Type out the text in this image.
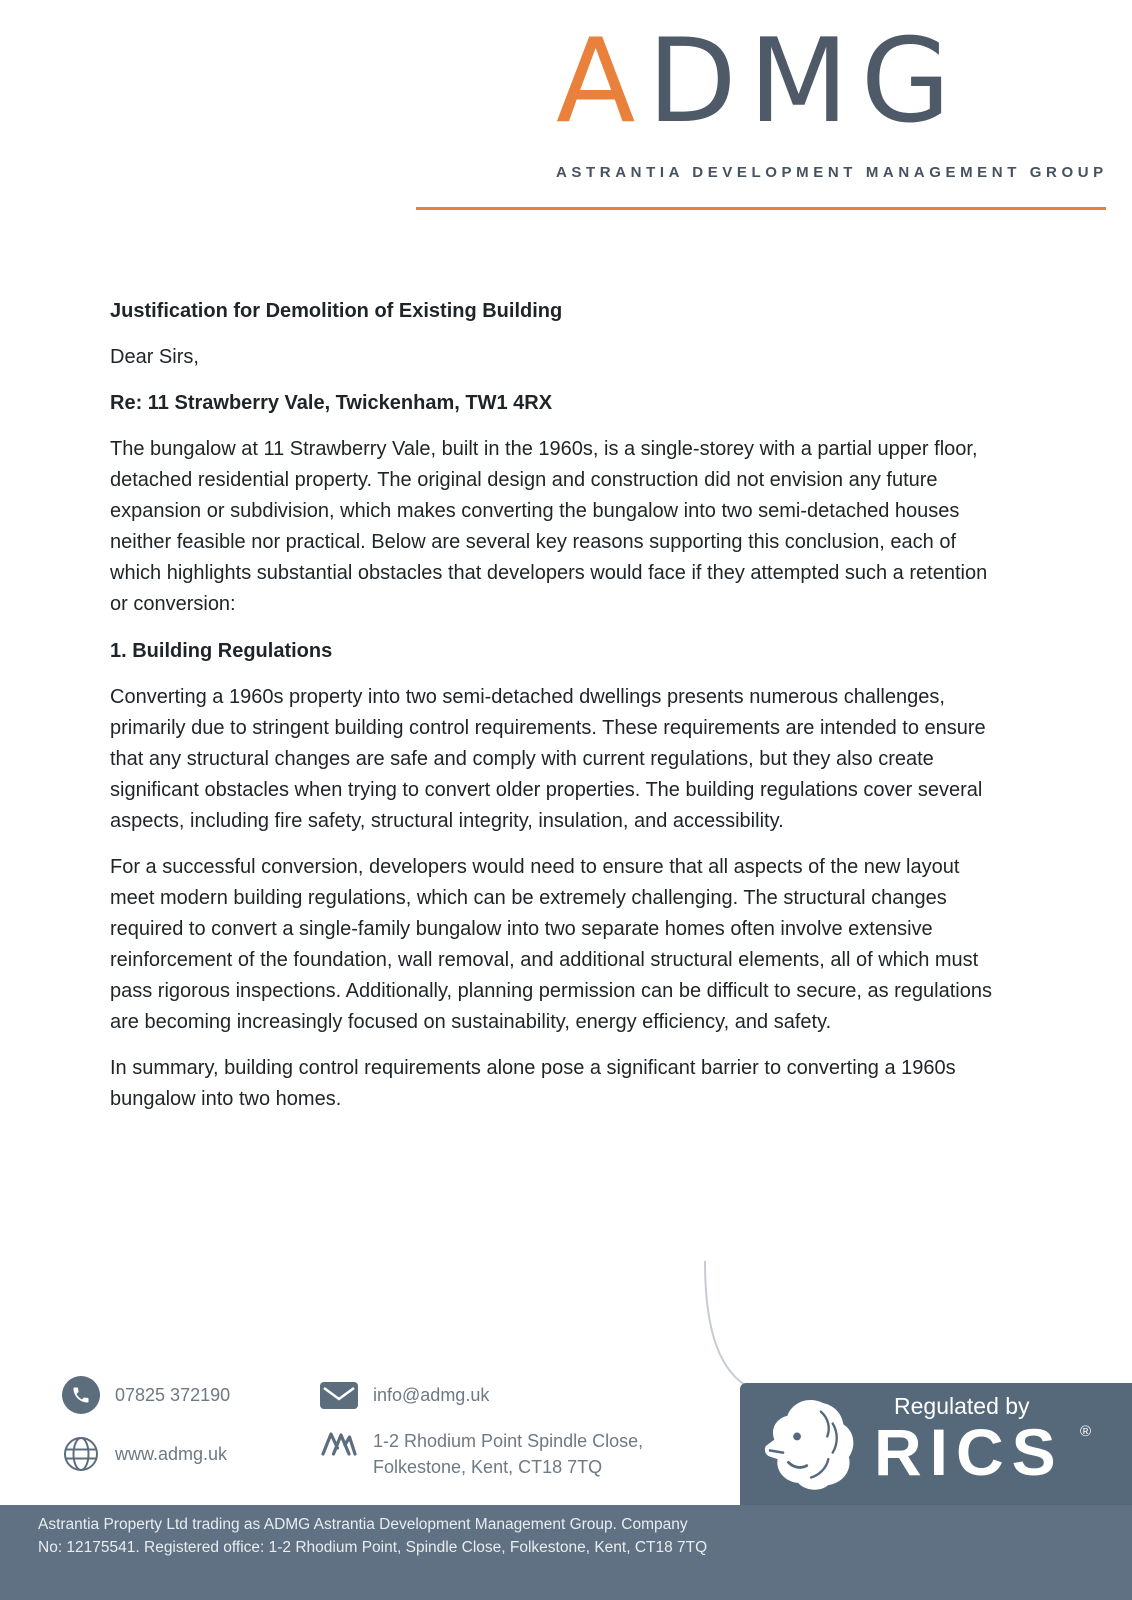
ADMG
ASTRANTIA DEVELOPMENT MANAGEMENT GROUP
Justification for Demolition of Existing Building

Dear Sirs,

Re: 11 Strawberry Vale, Twickenham, TW1 4RX

The bungalow at 11 Strawberry Vale, built in the 1960s, is a single-storey with a partial upper floor, detached residential property. The original design and construction did not envision any future expansion or subdivision, which makes converting the bungalow into two semi-detached houses neither feasible nor practical. Below are several key reasons supporting this conclusion, each of which highlights substantial obstacles that developers would face if they attempted such a retention or conversion:

1. Building Regulations

Converting a 1960s property into two semi-detached dwellings presents numerous challenges, primarily due to stringent building control requirements. These requirements are intended to ensure that any structural changes are safe and comply with current regulations, but they also create significant obstacles when trying to convert older properties. The building regulations cover several aspects, including fire safety, structural integrity, insulation, and accessibility.

For a successful conversion, developers would need to ensure that all aspects of the new layout meet modern building regulations, which can be extremely challenging. The structural changes required to convert a single-family bungalow into two separate homes often involve extensive reinforcement of the foundation, wall removal, and additional structural elements, all of which must pass rigorous inspections. Additionally, planning permission can be difficult to secure, as regulations are becoming increasingly focused on sustainability, energy efficiency, and safety.

In summary, building control requirements alone pose a significant barrier to converting a 1960s bungalow into two homes.

07825 372190	info@admg.uk
www.admg.uk
1-2 Rhodium Point Spindle Close,
Folkestone, Kent, CT18 7TQ
Regulated by
RICS ®
Astrantia Property Ltd trading as ADMG Astrantia Development Management Group. Company
No: 12175541. Registered office: 1-2 Rhodium Point, Spindle Close, Folkestone, Kent, CT18 7TQ
